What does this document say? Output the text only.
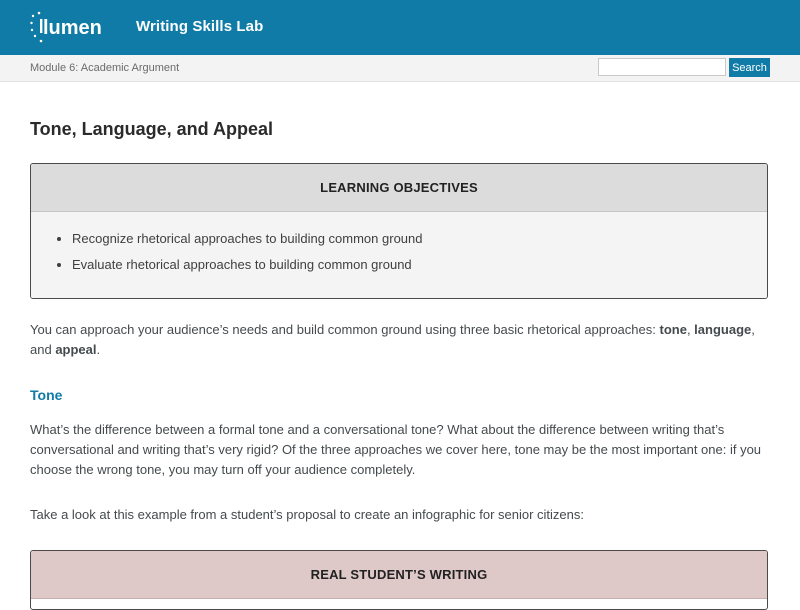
lumen Writing Skills Lab
Module 6: Academic Argument	Search
Tone, Language, and Appeal
LEARNING OBJECTIVES
• Recognize rhetorical approaches to building common ground
• Evaluate rhetorical approaches to building common ground

You can approach your audience’s needs and build common ground using three basic rhetorical approaches: tone, language, and appeal.

Tone

What’s the difference between a formal tone and a conversational tone? What about the difference between writing that’s conversational and writing that’s very rigid? Of the three approaches we cover here, tone may be the most important one: if you choose the wrong tone, you may turn off your audience completely.

Take a look at this example from a student’s proposal to create an infographic for senior citizens:

REAL STUDENT’S WRITING
